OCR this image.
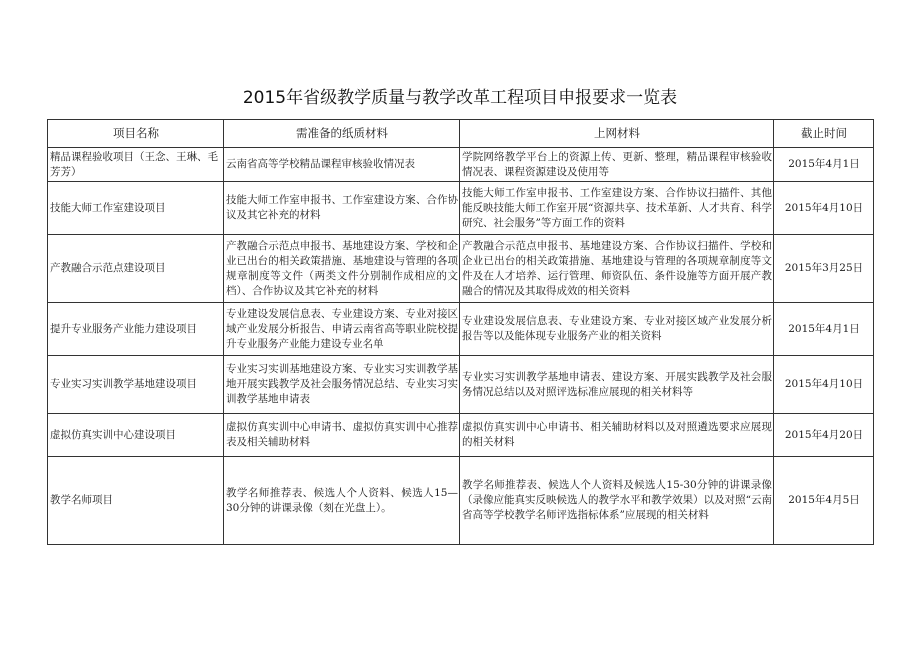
2015年省级教学质量与教学改革工程项目申报要求一览表
项目名称	需准备的纸质材料	上网材料	截止时间
精品课程验收项目（王念、王琳、毛芳芳）	云南省高等学校精品课程审核验收情况表	学院网络教学平台上的资源上传、更新、整理，精品课程审核验收情况表、课程资源建设及使用等	2015年4月1日
技能大师工作室建设项目	技能大师工作室申报书、工作室建设方案、合作协议及其它补充的材料	技能大师工作室申报书、工作室建设方案、合作协议扫描件、其他能反映技能大师工作室开展“资源共享、技术革新、人才共育、科学研究、社会服务”等方面工作的资料	2015年4月10日
产教融合示范点建设项目	产教融合示范点申报书、基地建设方案、学校和企业已出台的相关政策措施、基地建设与管理的各项规章制度等文件（两类文件分别制作成相应的文档）、合作协议及其它补充的材料	产教融合示范点申报书、基地建设方案、合作协议扫描件、学校和企业已出台的相关政策措施、基地建设与管理的各项规章制度等文件及在人才培养、运行管理、师资队伍、条件设施等方面开展产教融合的情况及其取得成效的相关资料	2015年3月25日
提升专业服务产业能力建设项目	专业建设发展信息表、专业建设方案、专业对接区域产业发展分析报告、申请云南省高等职业院校提升专业服务产业能力建设专业名单	专业建设发展信息表、专业建设方案、专业对接区域产业发展分析报告等以及能体现专业服务产业的相关资料	2015年4月1日
专业实习实训教学基地建设项目	专业实习实训基地建设方案、专业实习实训教学基地开展实践教学及社会服务情况总结、专业实习实训教学基地申请表	专业实习实训教学基地申请表、建设方案、开展实践教学及社会服务情况总结以及对照评选标准应展现的相关材料等	2015年4月10日
虚拟仿真实训中心建设项目	虚拟仿真实训中心申请书、虚拟仿真实训中心推荐表及相关辅助材料	虚拟仿真实训中心申请书、相关辅助材料以及对照遴选要求应展现的相关材料	2015年4月20日
教学名师项目	教学名师推荐表、候选人个人资料、候选人15—30分钟的讲课录像（刻在光盘上）。	教学名师推荐表、候选人个人资料及候选人15-30分钟的讲课录像（录像应能真实反映候选人的教学水平和教学效果）以及对照“云南省高等学校教学名师评选指标体系”应展现的相关材料	2015年4月5日
